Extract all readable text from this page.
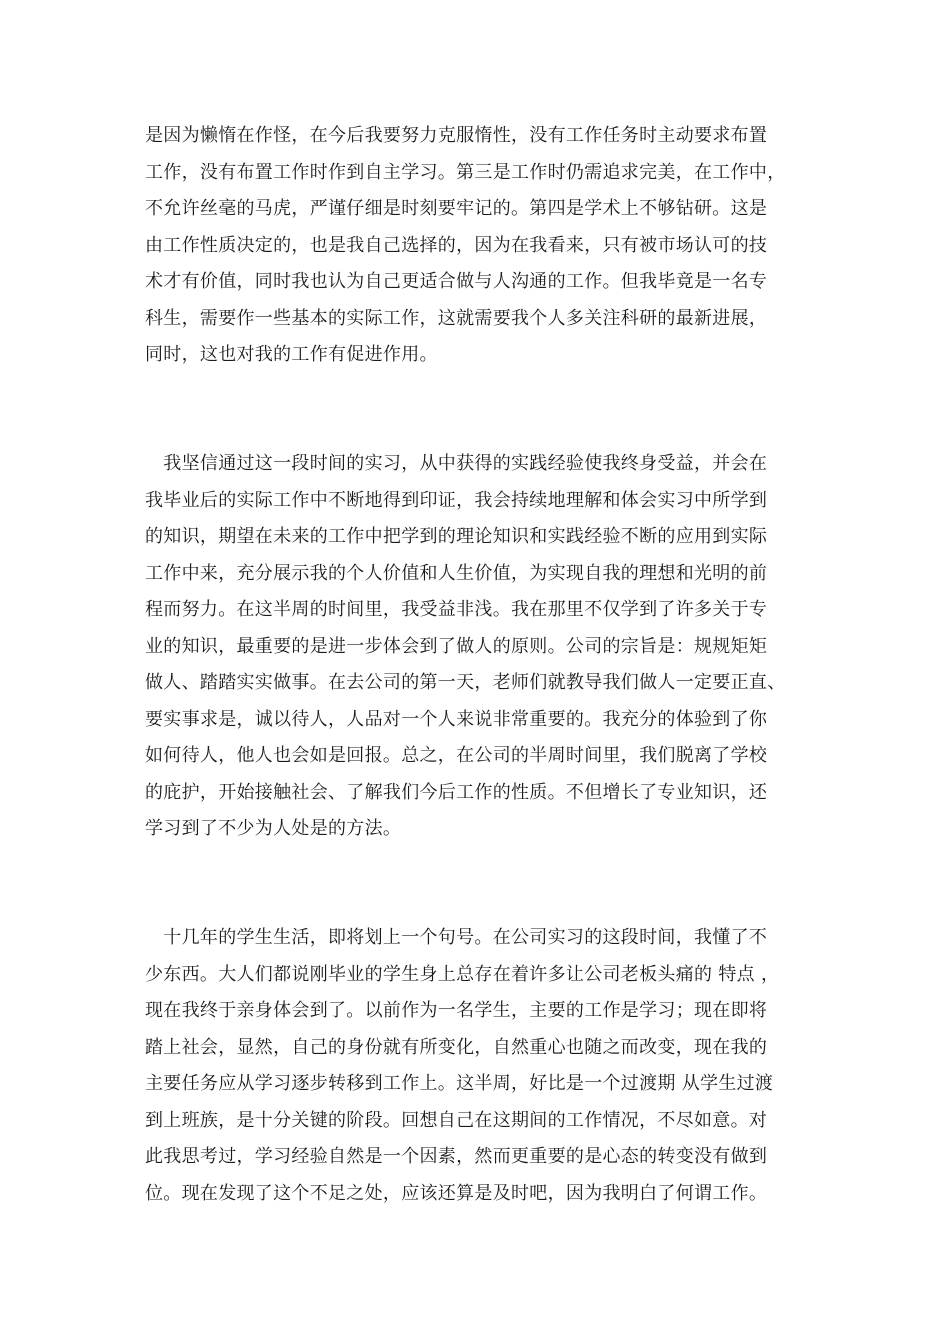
是因为懒惰在作怪，在今后我要努力克服惰性，没有工作任务时主动要求布置
工作，没有布置工作时作到自主学习。第三是工作时仍需追求完美，在工作中，
不允许丝毫的马虎，严谨仔细是时刻要牢记的。第四是学术上不够钻研。这是
由工作性质决定的，也是我自己选择的，因为在我看来，只有被市场认可的技
术才有价值，同时我也认为自己更适合做与人沟通的工作。但我毕竟是一名专
科生，需要作一些基本的实际工作，这就需要我个人多关注科研的最新进展，
同时，这也对我的工作有促进作用。

　我坚信通过这一段时间的实习，从中获得的实践经验使我终身受益，并会在
我毕业后的实际工作中不断地得到印证，我会持续地理解和体会实习中所学到
的知识，期望在未来的工作中把学到的理论知识和实践经验不断的应用到实际
工作中来，充分展示我的个人价值和人生价值，为实现自我的理想和光明的前
程而努力。在这半周的时间里，我受益非浅。我在那里不仅学到了许多关于专
业的知识，最重要的是进一步体会到了做人的原则。公司的宗旨是：规规矩矩
做人、踏踏实实做事。在去公司的第一天，老师们就教导我们做人一定要正直、
要实事求是，诚以待人，人品对一个人来说非常重要的。我充分的体验到了你
如何待人，他人也会如是回报。总之，在公司的半周时间里，我们脱离了学校
的庇护，开始接触社会、了解我们今后工作的性质。不但增长了专业知识，还
学习到了不少为人处是的方法。

　十几年的学生生活，即将划上一个句号。在公司实习的这段时间，我懂了不
少东西。大人们都说刚毕业的学生身上总存在着许多让公司老板头痛的 特点 ，
现在我终于亲身体会到了。以前作为一名学生，主要的工作是学习；现在即将
踏上社会，显然，自己的身份就有所变化，自然重心也随之而改变，现在我的
主要任务应从学习逐步转移到工作上。这半周，好比是一个过渡期 从学生过渡
到上班族，是十分关键的阶段。回想自己在这期间的工作情况，不尽如意。对
此我思考过，学习经验自然是一个因素，然而更重要的是心态的转变没有做到
位。现在发现了这个不足之处，应该还算是及时吧，因为我明白了何谓工作。
